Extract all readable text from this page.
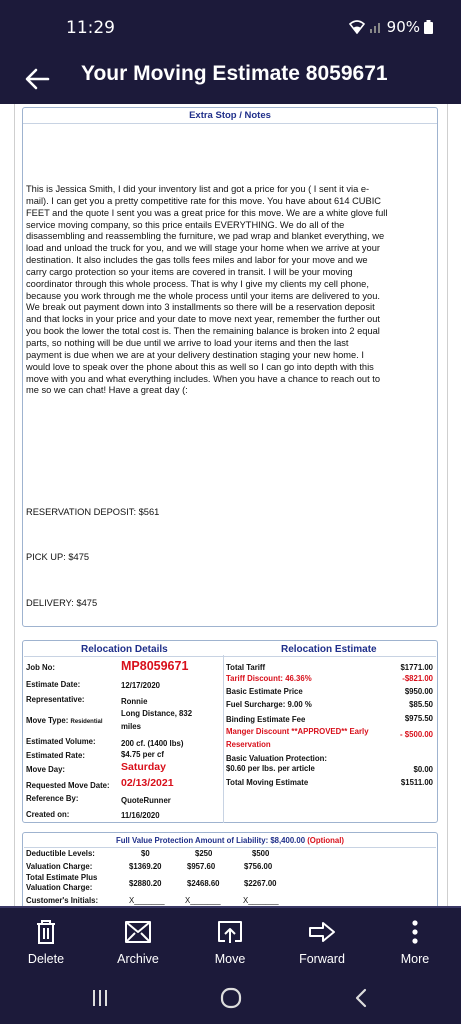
11:29	90%
Your Moving Estimate 8059671
Extra Stop / Notes
This is Jessica Smith, I did your inventory list and got a price for you ( I sent it via e-
mail). I can get you a pretty competitive rate for this move. You have about 614 CUBIC
FEET and the quote I sent you was a great price for this move. We are a white glove full
service moving company, so this price entails EVERYTHING. We do all of the
disassembling and reassembling the furniture, we pad wrap and blanket everything, we
load and unload the truck for you, and we will stage your home when we arrive at your
destination. It also includes the gas tolls fees miles and labor for your move and we
carry cargo protection so your items are covered in transit. I will be your moving
coordinator through this whole process. That is why I give my clients my cell phone,
because you work through me the whole process until your items are delivered to you.
We break out payment down into 3 installments so there will be a reservation deposit
and that locks in your price and your date to move next year, remember the further out
you book the lower the total cost is. Then the remaining balance is broken into 2 equal
parts, so nothing will be due until we arrive to load your items and then the last
payment is due when we are at your delivery destination staging your new home. I
would love to speak over the phone about this as well so I can go into depth with this
move with you and what everything includes. When you have a chance to reach out to
me so we can chat! Have a great day (:
RESERVATION DEPOSIT: $561
PICK UP: $475
DELIVERY: $475
Relocation Details	Relocation Estimate
Job No:	MP8059671
Estimate Date:	12/17/2020
Representative:	Ronnie
Move Type: Residential
Long Distance, 832
miles
Estimated Volume:	200 cf. (1400 lbs)
Estimated Rate:	$4.75 per cf
Move Day:	Saturday
Requested Move Date: 02/13/2021
Reference By:	QuoteRunner
Created on:	11/16/2020
Total Tariff	$1771.00
Tariff Discount: 46.36%	-$821.00
Basic Estimate Price	$950.00
Fuel Surcharge: 9.00 %	$85.50
Binding Estimate Fee	$975.50
Manger Discount **APPROVED** Early
Reservation
- $500.00
Basic Valuation Protection:
$0.60 per lbs. per article	$0.00
Total Moving Estimate	$1511.00
Full Value Protection Amount of Liability: $8,400.00 (Optional)
Deductible Levels:	$0	$250	$500
Valuation Charge:	$1369.20	$957.60	$756.00
Total Estimate Plus
Valuation Charge:	$2880.20	$2468.60	$2267.00
Customer's Initials:	X_______	X_______	X_______
Delete	Archive	Move	Forward	More
